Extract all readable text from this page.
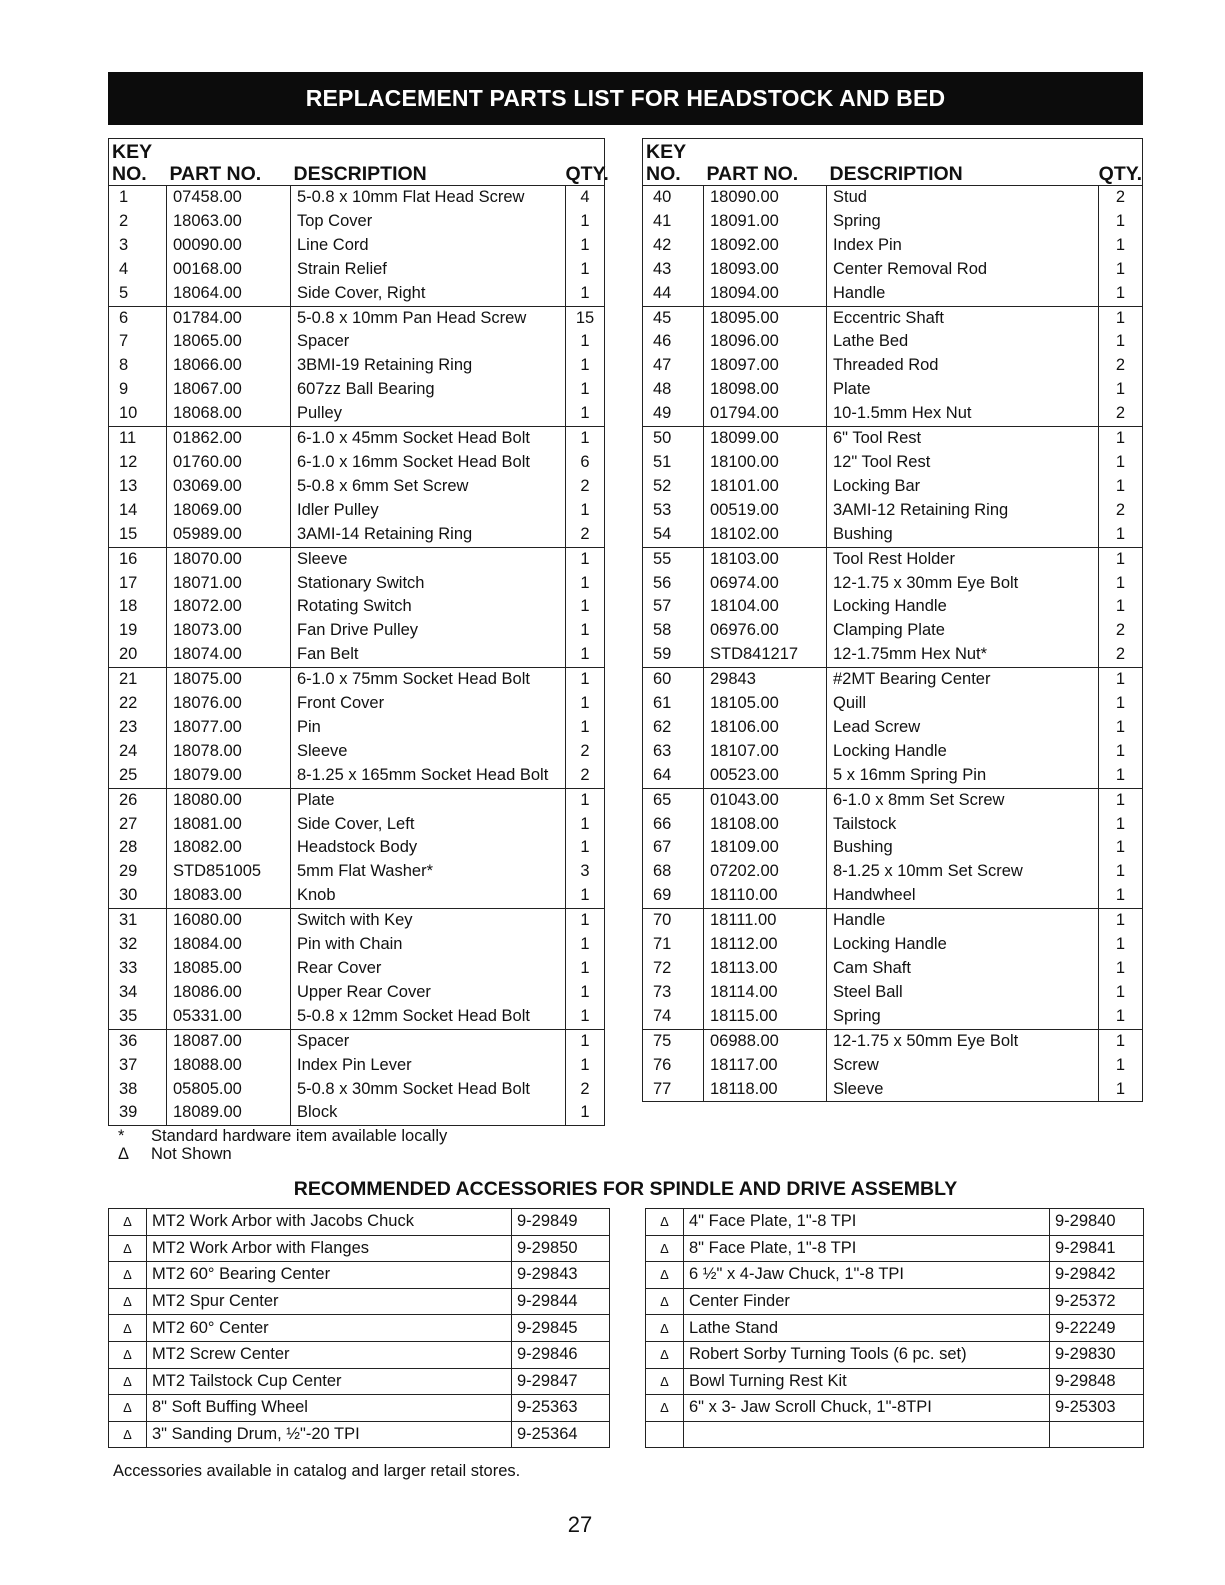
REPLACEMENT PARTS LIST FOR HEADSTOCK AND BED
KEY
NO.	PART NO.	DESCRIPTION	QTY.
1	07458.00	5-0.8 x 10mm Flat Head Screw	4
2	18063.00	Top Cover	1
3	00090.00	Line Cord	1
4	00168.00	Strain Relief	1
5	18064.00	Side Cover, Right	1
6	01784.00	5-0.8 x 10mm Pan Head Screw	15
7	18065.00	Spacer	1
8	18066.00	3BMI-19 Retaining Ring	1
9	18067.00	607zz Ball Bearing	1
10	18068.00	Pulley	1
11	01862.00	6-1.0 x 45mm Socket Head Bolt	1
12	01760.00	6-1.0 x 16mm Socket Head Bolt	6
13	03069.00	5-0.8 x 6mm Set Screw	2
14	18069.00	Idler Pulley	1
15	05989.00	3AMI-14 Retaining Ring	2
16	18070.00	Sleeve	1
17	18071.00	Stationary Switch	1
18	18072.00	Rotating Switch	1
19	18073.00	Fan Drive Pulley	1
20	18074.00	Fan Belt	1
21	18075.00	6-1.0 x 75mm Socket Head Bolt	1
22	18076.00	Front Cover	1
23	18077.00	Pin	1
24	18078.00	Sleeve	2
25	18079.00	8-1.25 x 165mm Socket Head Bolt	2
26	18080.00	Plate	1
27	18081.00	Side Cover, Left	1
28	18082.00	Headstock Body	1
29	STD851005	5mm Flat Washer*	3
30	18083.00	Knob	1
31	16080.00	Switch with Key	1
32	18084.00	Pin with Chain	1
33	18085.00	Rear Cover	1
34	18086.00	Upper Rear Cover	1
35	05331.00	5-0.8 x 12mm Socket Head Bolt	1
36	18087.00	Spacer	1
37	18088.00	Index Pin Lever	1
38	05805.00	5-0.8 x 30mm Socket Head Bolt	2
39	18089.00	Block	1
KEY
NO.	PART NO.	DESCRIPTION	QTY.
40	18090.00	Stud	2
41	18091.00	Spring	1
42	18092.00	Index Pin	1
43	18093.00	Center Removal Rod	1
44	18094.00	Handle	1
45	18095.00	Eccentric Shaft	1
46	18096.00	Lathe Bed	1
47	18097.00	Threaded Rod	2
48	18098.00	Plate	1
49	01794.00	10-1.5mm Hex Nut	2
50	18099.00	6" Tool Rest	1
51	18100.00	12" Tool Rest	1
52	18101.00	Locking Bar	1
53	00519.00	3AMI-12 Retaining Ring	2
54	18102.00	Bushing	1
55	18103.00	Tool Rest Holder	1
56	06974.00	12-1.75 x 30mm Eye Bolt	1
57	18104.00	Locking Handle	1
58	06976.00	Clamping Plate	2
59	STD841217	12-1.75mm Hex Nut*	2
60	29843	#2MT Bearing Center	1
61	18105.00	Quill	1
62	18106.00	Lead Screw	1
63	18107.00	Locking Handle	1
64	00523.00	5 x 16mm Spring Pin	1
65	01043.00	6-1.0 x 8mm Set Screw	1
66	18108.00	Tailstock	1
67	18109.00	Bushing	1
68	07202.00	8-1.25 x 10mm Set Screw	1
69	18110.00	Handwheel	1
70	18111.00	Handle	1
71	18112.00	Locking Handle	1
72	18113.00	Cam Shaft	1
73	18114.00	Steel Ball	1
74	18115.00	Spring	1
75	06988.00	12-1.75 x 50mm Eye Bolt	1
76	18117.00	Screw	1
77	18118.00	Sleeve	1
*	Standard hardware item available locally
Δ	Not Shown
RECOMMENDED ACCESSORIES FOR SPINDLE AND DRIVE ASSEMBLY
Δ	MT2 Work Arbor with Jacobs Chuck	9-29849
Δ	MT2 Work Arbor with Flanges	9-29850
Δ	MT2 60° Bearing Center	9-29843
Δ	MT2 Spur Center	9-29844
Δ	MT2 60° Center	9-29845
Δ	MT2 Screw Center	9-29846
Δ	MT2 Tailstock Cup Center	9-29847
Δ	8" Soft Buffing Wheel	9-25363
Δ	3" Sanding Drum, ½"-20 TPI	9-25364
Δ	4" Face Plate, 1"-8 TPI	9-29840
Δ	8" Face Plate, 1"-8 TPI	9-29841
Δ	6 ½" x 4-Jaw Chuck, 1"-8 TPI	9-29842
Δ	Center Finder	9-25372
Δ	Lathe Stand	9-22249
Δ	Robert Sorby Turning Tools (6 pc. set)	9-29830
Δ	Bowl Turning Rest Kit	9-29848
Δ	6" x 3- Jaw Scroll Chuck, 1"-8TPI	9-25303

Accessories available in catalog and larger retail stores.
27
